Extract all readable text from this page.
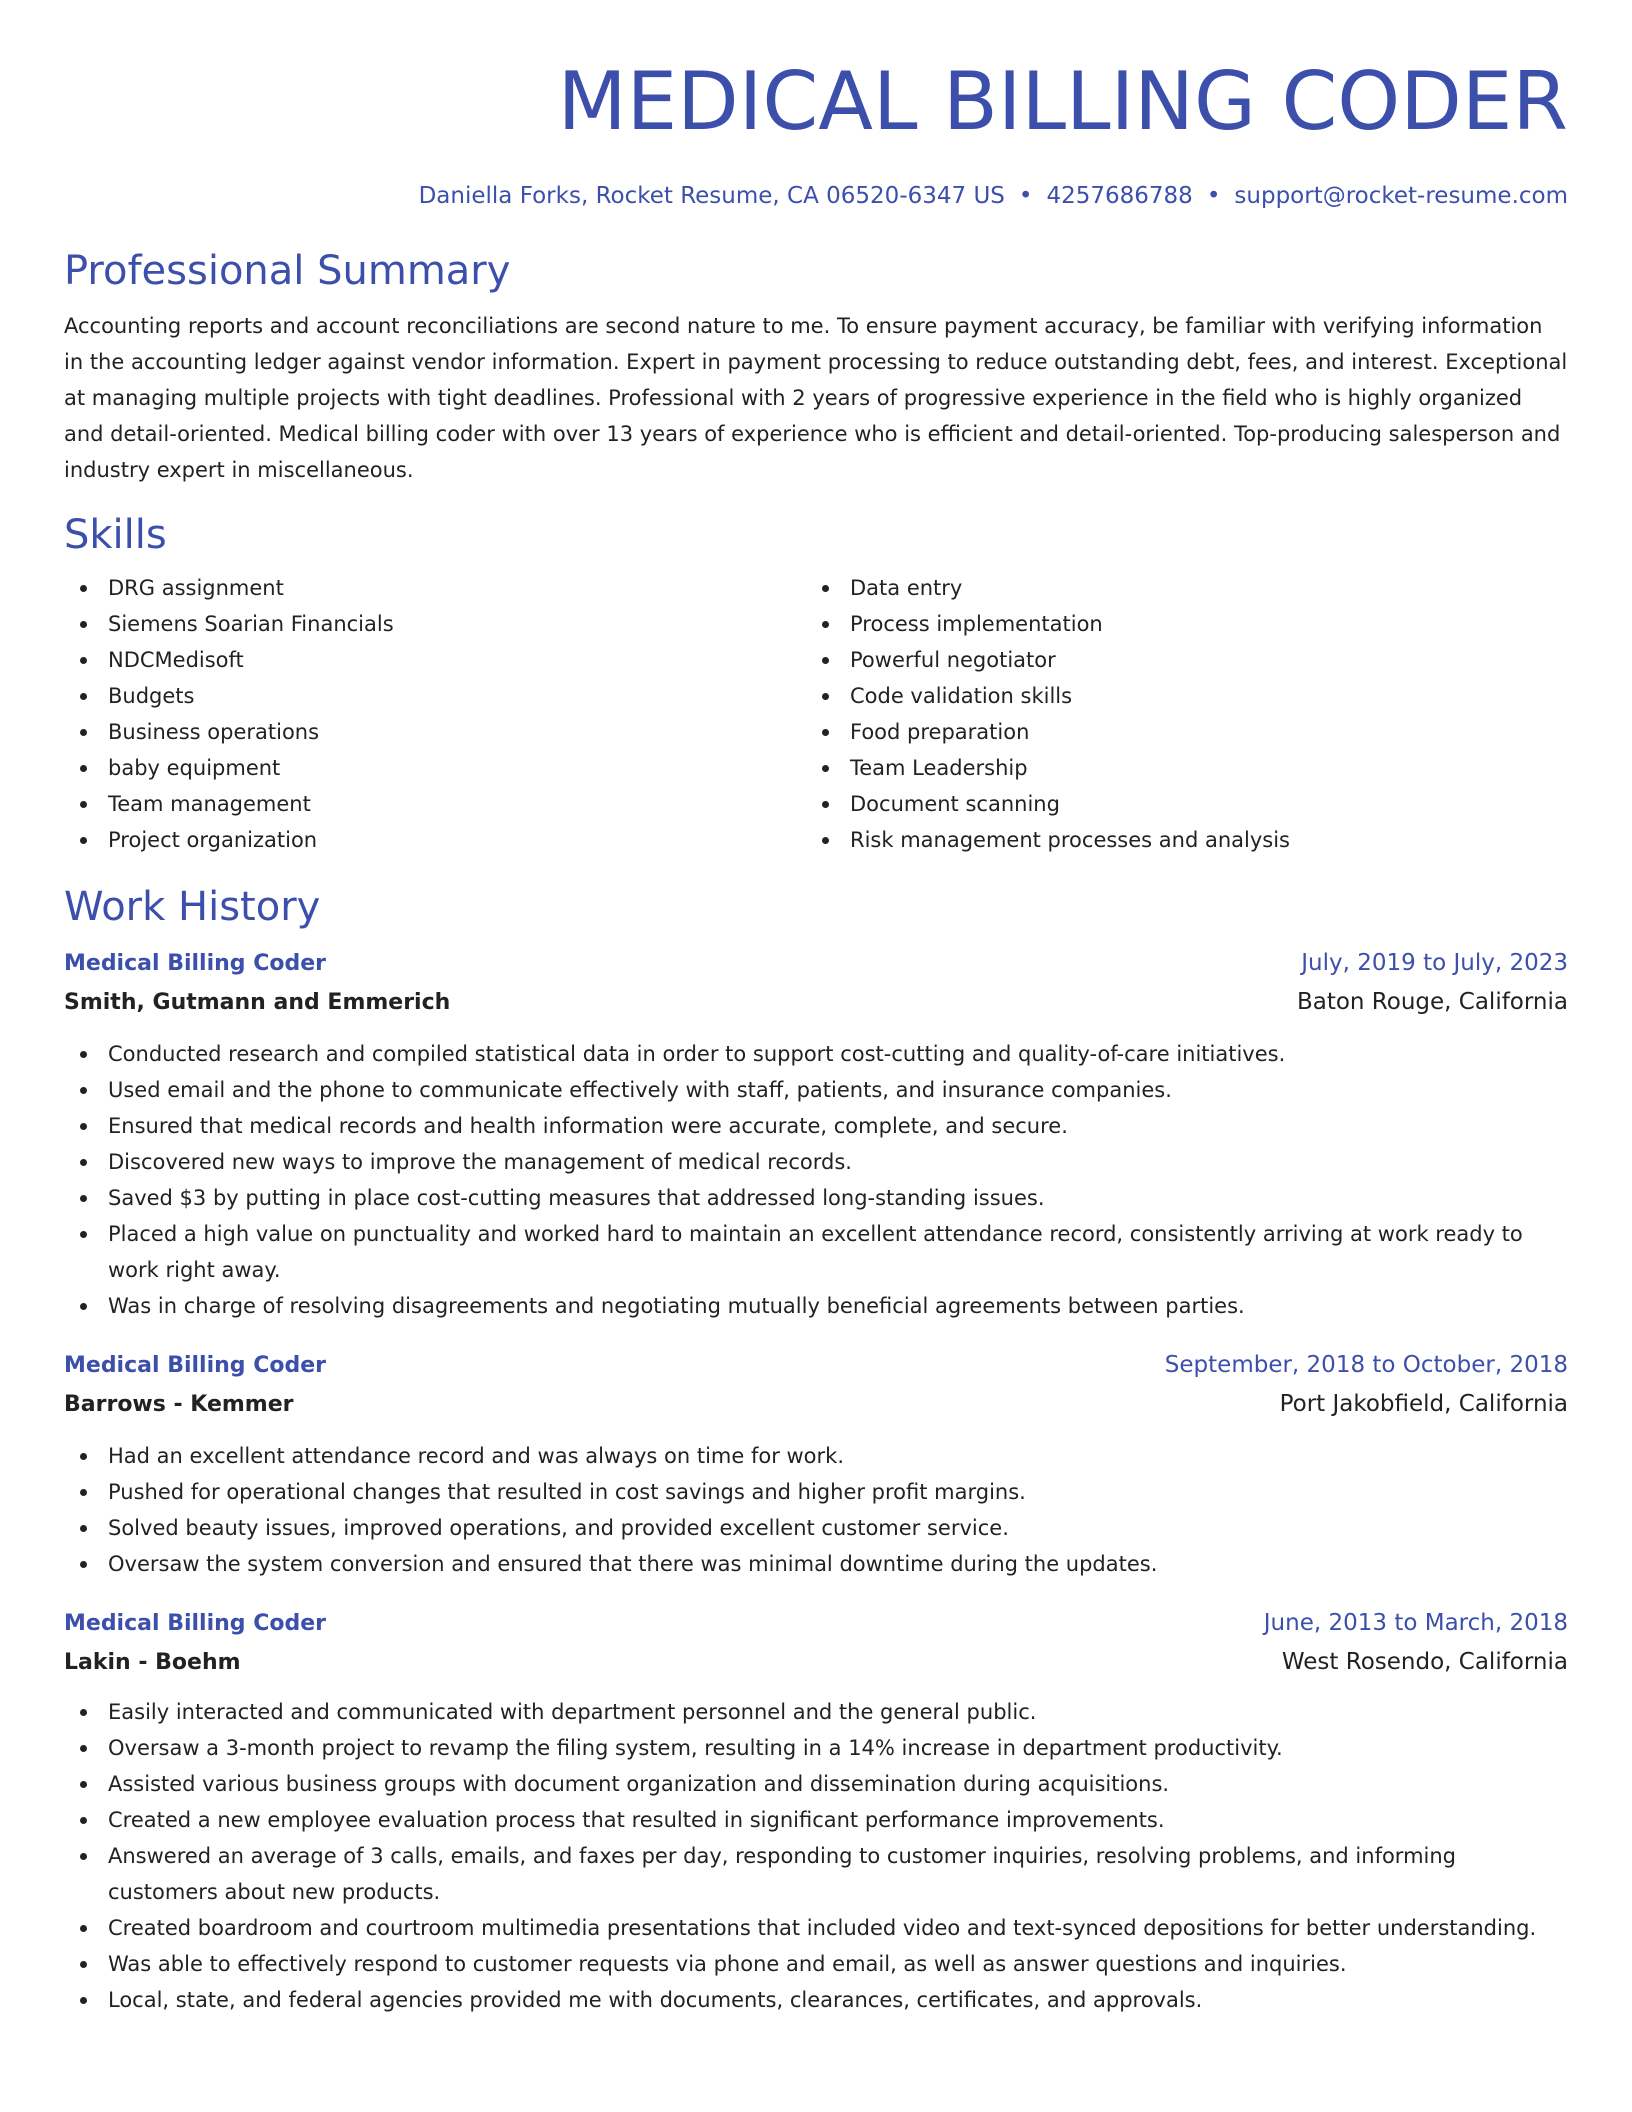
MEDICAL BILLING CODER
Daniella Forks, Rocket Resume, CA 06520-6347 US • 4257686788 • support@rocket-resume.com
Professional Summary
Accounting reports and account reconciliations are second nature to me. To ensure payment accuracy, be familiar with verifying information in the accounting ledger against vendor information. Expert in payment processing to reduce outstanding debt, fees, and interest. Exceptional at managing multiple projects with tight deadlines. Professional with 2 years of progressive experience in the field who is highly organized and detail-oriented. Medical billing coder with over 13 years of experience who is efficient and detail-oriented. Top-producing salesperson and industry expert in miscellaneous.
Skills
DRG assignment
Siemens Soarian Financials
NDCMedisoft
Budgets
Business operations
baby equipment
Team management
Project organization
Data entry
Process implementation
Powerful negotiator
Code validation skills
Food preparation
Team Leadership
Document scanning
Risk management processes and analysis
Work History
Medical Billing Coder	July, 2019 to July, 2023
Smith, Gutmann and Emmerich	Baton Rouge, California
Conducted research and compiled statistical data in order to support cost-cutting and quality-of-care initiatives.
Used email and the phone to communicate effectively with staff, patients, and insurance companies.
Ensured that medical records and health information were accurate, complete, and secure.
Discovered new ways to improve the management of medical records.
Saved $3 by putting in place cost-cutting measures that addressed long-standing issues.
Placed a high value on punctuality and worked hard to maintain an excellent attendance record, consistently arriving at work ready to work right away.
Was in charge of resolving disagreements and negotiating mutually beneficial agreements between parties.
Medical Billing Coder	September, 2018 to October, 2018
Barrows - Kemmer	Port Jakobfield, California
Had an excellent attendance record and was always on time for work.
Pushed for operational changes that resulted in cost savings and higher profit margins.
Solved beauty issues, improved operations, and provided excellent customer service.
Oversaw the system conversion and ensured that there was minimal downtime during the updates.
Medical Billing Coder	June, 2013 to March, 2018
Lakin - Boehm	West Rosendo, California
Easily interacted and communicated with department personnel and the general public.
Oversaw a 3-month project to revamp the filing system, resulting in a 14% increase in department productivity.
Assisted various business groups with document organization and dissemination during acquisitions.
Created a new employee evaluation process that resulted in significant performance improvements.
Answered an average of 3 calls, emails, and faxes per day, responding to customer inquiries, resolving problems, and informing customers about new products.
Created boardroom and courtroom multimedia presentations that included video and text-synced depositions for better understanding.
Was able to effectively respond to customer requests via phone and email, as well as answer questions and inquiries.
Local, state, and federal agencies provided me with documents, clearances, certificates, and approvals.
